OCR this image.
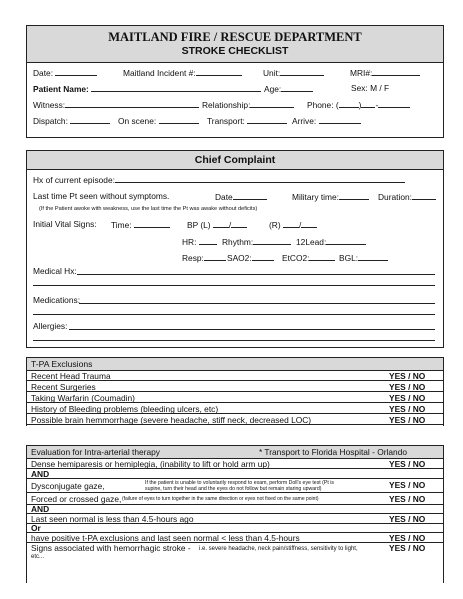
MAITLAND FIRE / RESCUE DEPARTMENT
STROKE CHECKLIST
Date:	Maitland Incident #:	Unit:	MRI#:
Patient Name:	Age:	Sex: M / F
Witness:	Relationship:	Phone: ( ) -
Dispatch:	On scene:	Transport:	Arrive:
Chief Complaint
Hx of current episode:
Last time Pt seen without symptoms.	Date	Military time:	Duration:
(If the Patient awoke with weakness, use the last time the Pt was awake without deficits)
Initial Vital Signs: Time:	BP (L) /	(R) /
HR:	Rhythm:	12Lead:
Resp:	SAO2:	EtCO2:	BGL:
Medical Hx:
Medications:
Allergies:
T-PA Exclusions
Recent Head Trauma	YES / NO
Recent Surgeries	YES / NO
Taking Warfarin (Coumadin)	YES / NO
History of Bleeding problems (bleeding ulcers, etc)	YES / NO
Possible brain hemmorrhage (severe headache, stiff neck, decreased LOC)	YES / NO
Evaluation for Intra-arterial therapy	* Transport to Florida Hospital - Orlando
Dense hemiparesis or hemiplegia, (inability to lift or hold arm up)	YES / NO
AND
Dysconjugate gaze,	If the patient is unable to voluntarily respond to exam, perform Doll's eye test (Pt is
supine, turn their head and the eyes do not follow but remain staring upward)	YES / NO
Forced or crossed gaze, (failure of eyes to turn together in the same direction or eyes not fixed on the same point)	YES / NO
AND
Last seen normal is less than 4.5-hours ago	YES / NO
Or
have positive t-PA exclusions and last seen normal < less than 4.5-hours	YES / NO
Signs associated with hemorrhagic stroke - i.e. severe headache, neck pain/stiffness, sensitivity to light,
etc...
YES / NO
